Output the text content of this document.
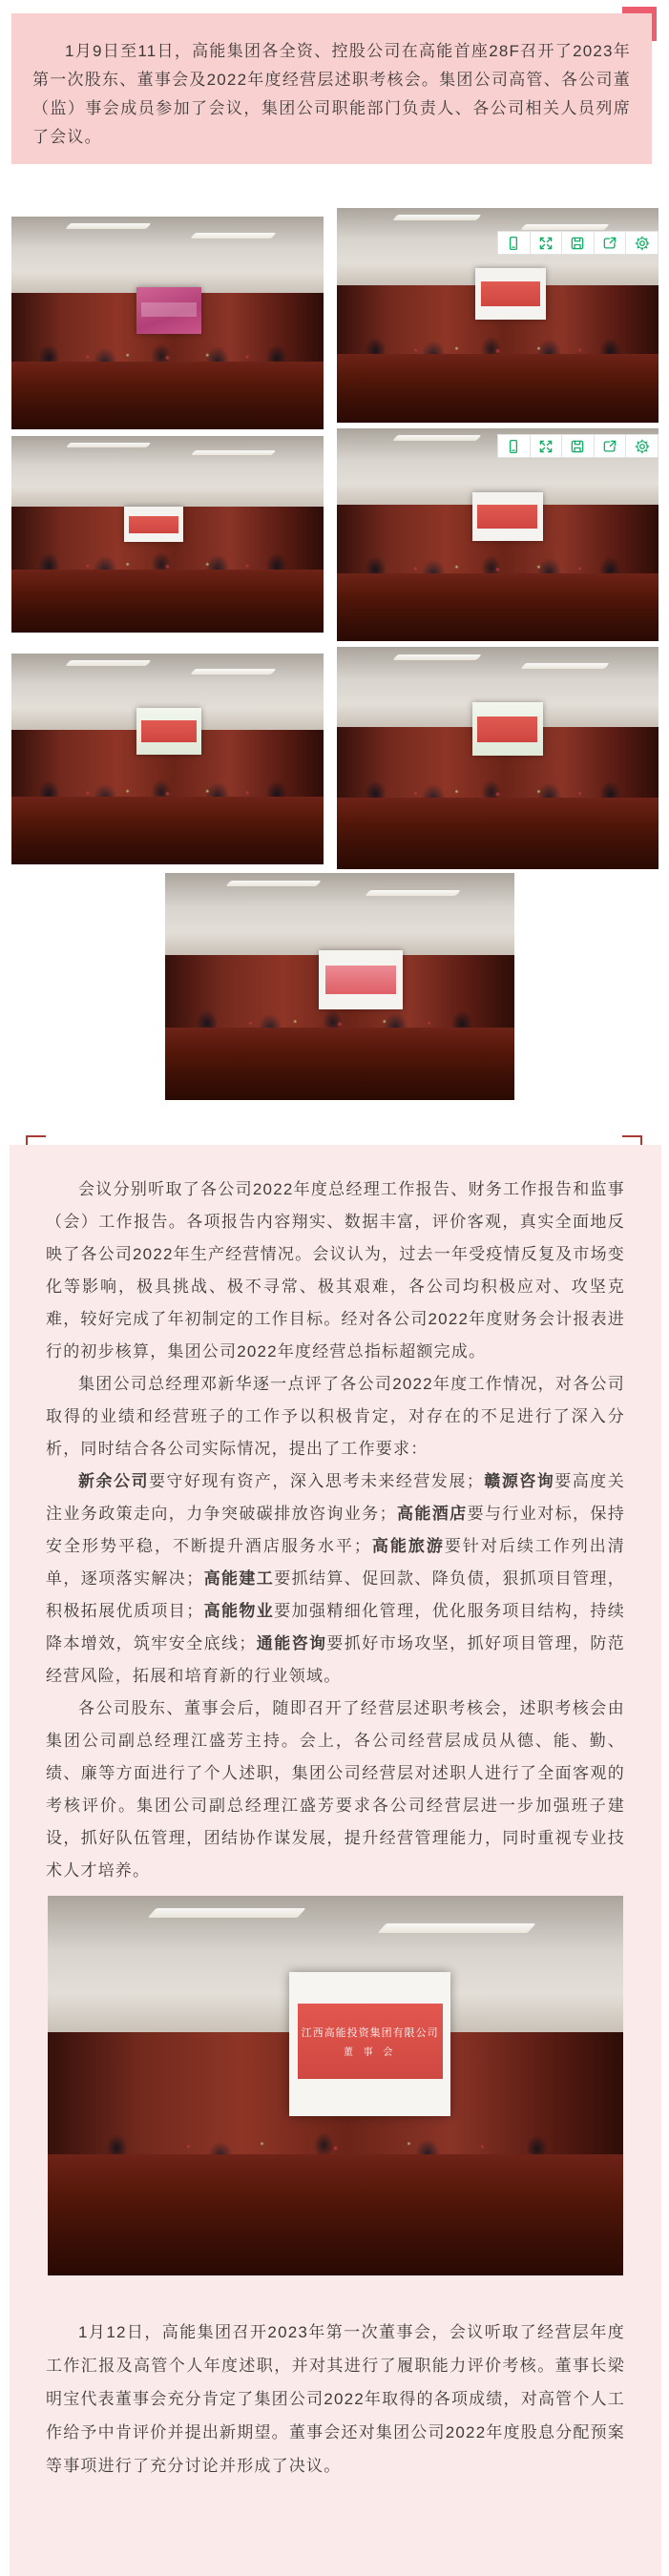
1月9日至11日，高能集团各全资、控股公司在高能首座28F召开了2023年第一次股东、董事会及2022年度经营层述职考核会。集团公司高管、各公司董（监）事会成员参加了会议，集团公司职能部门负责人、各公司相关人员列席了会议。

会议分别听取了各公司2022年度总经理工作报告、财务工作报告和监事（会）工作报告。各项报告内容翔实、数据丰富，评价客观，真实全面地反映了各公司2022年生产经营情况。会议认为，过去一年受疫情反复及市场变化等影响，极具挑战、极不寻常、极其艰难，各公司均积极应对、攻坚克难，较好完成了年初制定的工作目标。经对各公司2022年度财务会计报表进行的初步核算，集团公司2022年度经营总指标超额完成。

集团公司总经理邓新华逐一点评了各公司2022年度工作情况，对各公司取得的业绩和经营班子的工作予以积极肯定，对存在的不足进行了深入分析，同时结合各公司实际情况，提出了工作要求：

新余公司要守好现有资产，深入思考未来经营发展；赣源咨询要高度关注业务政策走向，力争突破碳排放咨询业务；高能酒店要与行业对标，保持安全形势平稳，不断提升酒店服务水平；高能旅游要针对后续工作列出清单，逐项落实解决；高能建工要抓结算、促回款、降负债，狠抓项目管理，积极拓展优质项目；高能物业要加强精细化管理，优化服务项目结构，持续降本增效，筑牢安全底线；通能咨询要抓好市场攻坚，抓好项目管理，防范经营风险，拓展和培育新的行业领域。

各公司股东、董事会后，随即召开了经营层述职考核会，述职考核会由集团公司副总经理江盛芳主持。会上，各公司经营层成员从德、能、勤、绩、廉等方面进行了个人述职，集团公司经营层对述职人进行了全面客观的考核评价。集团公司副总经理江盛芳要求各公司经营层进一步加强班子建设，抓好队伍管理，团结协作谋发展，提升经营管理能力，同时重视专业技术人才培养。

江西高能投资集团有限公司
董 事 会

1月12日，高能集团召开2023年第一次董事会，会议听取了经营层年度工作汇报及高管个人年度述职，并对其进行了履职能力评价考核。董事长梁明宝代表董事会充分肯定了集团公司2022年取得的各项成绩，对高管个人工作给予中肯评价并提出新期望。董事会还对集团公司2022年度股息分配预案等事项进行了充分讨论并形成了决议。
